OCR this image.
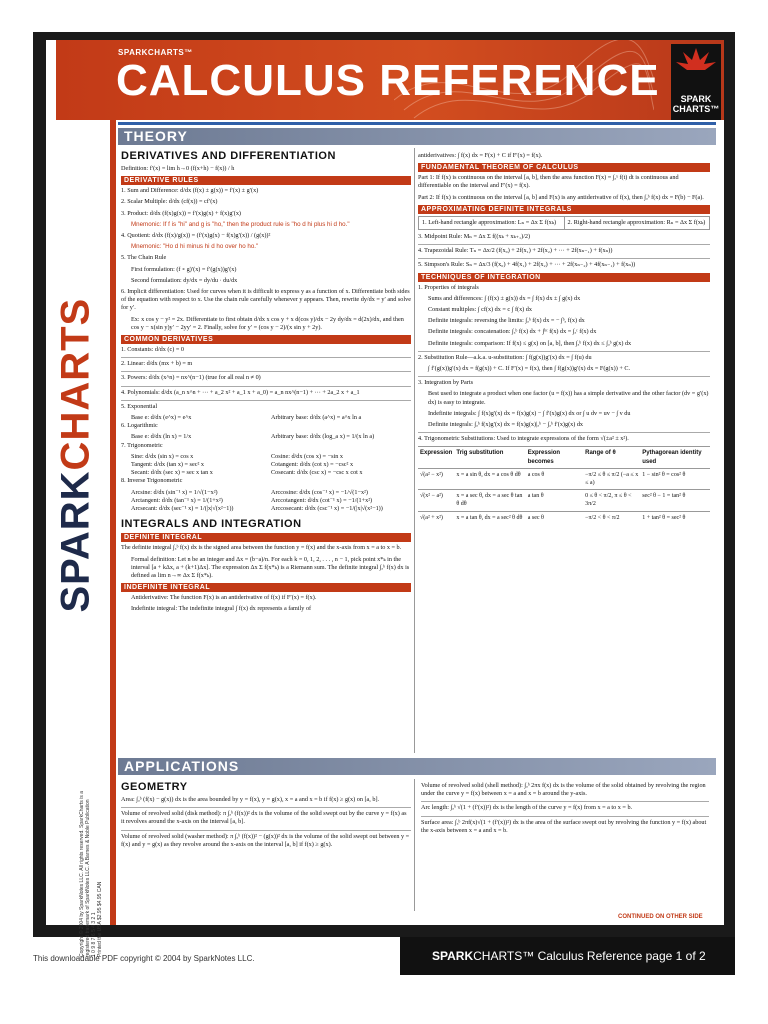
SPARKCHARTS™
CALCULUS REFERENCE	SPARK
CHARTS™
SPARKCHARTS
Copyright © 2004 by SparkNotes LLC. All rights reserved. SparkCharts is a registered trademark of SparkNotes LLC. A Barnes & Noble Publication 1 0 9 8 7 6 5 4 3 2 1 Printed the USA $2.95 $4.95 CAN
THEORY
DERIVATIVES AND DIFFERENTIATION
Definition: f′(x) = lim h→0 (f(x+h) − f(x)) / h
DERIVATIVE RULES
1. Sum and Difference: d/dx (f(x) ± g(x)) = f′(x) ± g′(x)
2. Scalar Multiple: d/dx (cf(x)) = cf′(x)
3. Product: d/dx (f(x)g(x)) = f′(x)g(x) + f(x)g′(x)
Mnemonic: If f is "hi" and g is "ho," then the product rule is "ho d hi plus hi d ho."
4. Quotient: d/dx (f(x)/g(x)) = (f′(x)g(x) − f(x)g′(x)) / (g(x))²
Mnemonic: "Ho d hi minus hi d ho over ho ho."
5. The Chain Rule
First formulation: (f ∘ g)′(x) = f′(g(x))g′(x)
Second formulation: dy/dx = dy/du · du/dx
6. Implicit differentiation: Used for curves when it is difficult to express y as a function of x. Differentiate both sides of the equation with respect to x. Use the chain rule carefully whenever y appears. Then, rewrite dy/dx = y′ and solve for y′.
Ex: x cos y − y² = 2x. Differentiate to first obtain d/dx x cos y + x d(cos y)/dx − 2y dy/dx = d(2x)/dx, and then cos y − x(sin y)y′ − 2yy′ = 2. Finally, solve for y′ = (cos y − 2)/(x sin y + 2y).
COMMON DERIVATIVES
1. Constants: d/dx (c) = 0
2. Linear: d/dx (mx + b) = m
3. Powers: d/dx (x^n) = nx^(n−1) (true for all real n ≠ 0)
4. Polynomials: d/dx (a_n x^n + ··· + a_2 x² + a_1 x + a_0) = a_n nx^(n−1) + ··· + 2a_2 x + a_1
5. Exponential
Base e: d/dx (e^x) = e^x	Arbitrary base: d/dx (a^x) = a^x ln a
6. Logarithmic
Base e: d/dx (ln x) = 1/x	Arbitrary base: d/dx (log_a x) = 1/(x ln a)
7. Trigonometric
Sine: d/dx (sin x) = cos x	Cosine: d/dx (cos x) = −sin x
Tangent: d/dx (tan x) = sec² x	Cotangent: d/dx (cot x) = −csc² x
Secant: d/dx (sec x) = sec x tan x	Cosecant: d/dx (csc x) = −csc x cot x
8. Inverse Trigonometric
Arcsine: d/dx (sin⁻¹ x) = 1/√(1−x²)	Arccosine: d/dx (cos⁻¹ x) = −1/√(1−x²)
Arctangent: d/dx (tan⁻¹ x) = 1/(1+x²)	Arccotangent: d/dx (cot⁻¹ x) = −1/(1+x²)
Arcsecant: d/dx (sec⁻¹ x) = 1/(|x|√(x²−1))	Arccosecant: d/dx (csc⁻¹ x) = −1/(|x|√(x²−1))
INTEGRALS AND INTEGRATION
DEFINITE INTEGRAL
The definite integral ∫ₐᵇ f(x) dx is the signed area between the function y = f(x) and the x-axis from x = a to x = b.
Formal definition: Let n be an integer and Δx = (b−a)/n. For each k = 0, 1, 2, . . . , n − 1, pick point x*ₖ in the interval [a + kΔx, a + (k+1)Δx]. The expression Δx Σ f(x*ₖ) is a Riemann sum. The definite integral ∫ₐᵇ f(x) dx is defined as lim n→∞ Δx Σ f(x*ₖ).
INDEFINITE INTEGRAL
Antiderivative: The function F(x) is an antiderivative of f(x) if F′(x) = f(x).
Indefinite integral: The indefinite integral ∫ f(x) dx represents a family of
antiderivatives: ∫ f(x) dx = F(x) + C if F′(x) = f(x).
FUNDAMENTAL THEOREM OF CALCULUS
Part 1: If f(x) is continuous on the interval [a, b], then the area function F(x) = ∫ₐˣ f(t) dt is continuous and differentiable on the interval and F′(x) = f(x).
Part 2: If f(x) is continuous on the interval [a, b] and F(x) is any antiderivative of f(x), then ∫ₐᵇ f(x) dx = F(b) − F(a).
APPROXIMATING DEFINITE INTEGRALS
1. Left-hand rectangle approximation: Lₙ = Δx Σ f(xₖ)	2. Right-hand rectangle approximation: Rₙ = Δx Σ f(xₖ)
3. Midpoint Rule: Mₙ = Δx Σ f((xₖ + xₖ₊₁)/2)
4. Trapezoidal Rule: Tₙ = Δx/2 (f(x₀) + 2f(x₁) + 2f(x₂) + ··· + 2f(xₙ₋₁) + f(xₙ))
5. Simpson's Rule: Sₙ = Δx/3 (f(x₀) + 4f(x₁) + 2f(x₂) + ··· + 2f(xₙ₋₂) + 4f(xₙ₋₁) + f(xₙ))
TECHNIQUES OF INTEGRATION
1. Properties of integrals
Sums and differences: ∫ (f(x) ± g(x)) dx = ∫ f(x) dx ± ∫ g(x) dx
Constant multiples: ∫ cf(x) dx = c ∫ f(x) dx
Definite integrals: reversing the limits: ∫ₐᵇ f(x) dx = − ∫ᵇₐ f(x) dx
Definite integrals: concatenation: ∫ₐᵇ f(x) dx + ∫ᵇᶜ f(x) dx = ∫ₐᶜ f(x) dx
Definite integrals: comparison: If f(x) ≤ g(x) on [a, b], then ∫ₐᵇ f(x) dx ≤ ∫ₐᵇ g(x) dx
2. Substitution Rule—a.k.a. u-substitution: ∫ f(g(x))g′(x) dx = ∫ f(u) du
∫ f′(g(x))g′(x) dx = f(g(x)) + C. If F′(x) = f(x), then ∫ f(g(x))g′(x) dx = F(g(x)) + C.
3. Integration by Parts
Best used to integrate a product when one factor (u = f(x)) has a simple derivative and the other factor (dv = g′(x) dx) is easy to integrate.
Indefinite integrals: ∫ f(x)g′(x) dx = f(x)g(x) − ∫ f′(x)g(x) dx or ∫ u dv = uv − ∫ v du
Definite integrals: ∫ₐᵇ f(x)g′(x) dx = f(x)g(x)|ₐᵇ − ∫ₐᵇ f′(x)g(x) dx
4. Trigonometric Substitutions: Used to integrate expressions of the form √(±a² ± x²).
Expression	Trig substitution	Expression becomes	Range of θ	Pythagorean identity used
√(a² − x²)	x = a sin θ, dx = a cos θ dθ	a cos θ	−π/2 ≤ θ ≤ π/2 (−a ≤ x ≤ a)	1 − sin² θ = cos² θ
√(x² − a²)	x = a sec θ, dx = a sec θ tan θ dθ	a tan θ	0 ≤ θ < π/2, π ≤ θ < 3π/2	sec² θ − 1 = tan² θ
√(a² + x²)	x = a tan θ, dx = a sec² θ dθ	a sec θ	−π/2 < θ < π/2	1 + tan² θ = sec² θ
APPLICATIONS
GEOMETRY
Area: ∫ₐᵇ (f(x) − g(x)) dx is the area bounded by y = f(x), y = g(x), x = a and x = b if f(x) ≥ g(x) on [a, b].
Volume of revolved solid (disk method): π ∫ₐᵇ (f(x))² dx is the volume of the solid swept out by the curve y = f(x) as it revolves around the x-axis on the interval [a, b].
Volume of revolved solid (washer method): π ∫ₐᵇ (f(x))² − (g(x))² dx is the volume of the solid swept out between y = f(x) and y = g(x) as they revolve around the x-axis on the interval [a, b] if f(x) ≥ g(x).
Volume of revolved solid (shell method): ∫ₐᵇ 2πx f(x) dx is the volume of the solid obtained by revolving the region under the curve y = f(x) between x = a and x = b around the y-axis.
Arc length: ∫ₐᵇ √(1 + (f′(x))²) dx is the length of the curve y = f(x) from x = a to x = b.
Surface area: ∫ₐᵇ 2πf(x)√(1 + (f′(x))²) dx is the area of the surface swept out by revolving the function y = f(x) about the x-axis between x = a and x = b.
CONTINUED ON OTHER SIDE
This downloadable PDF copyright © 2004 by SparkNotes LLC.	SPARKCHARTS™ Calculus Reference page 1 of 2
